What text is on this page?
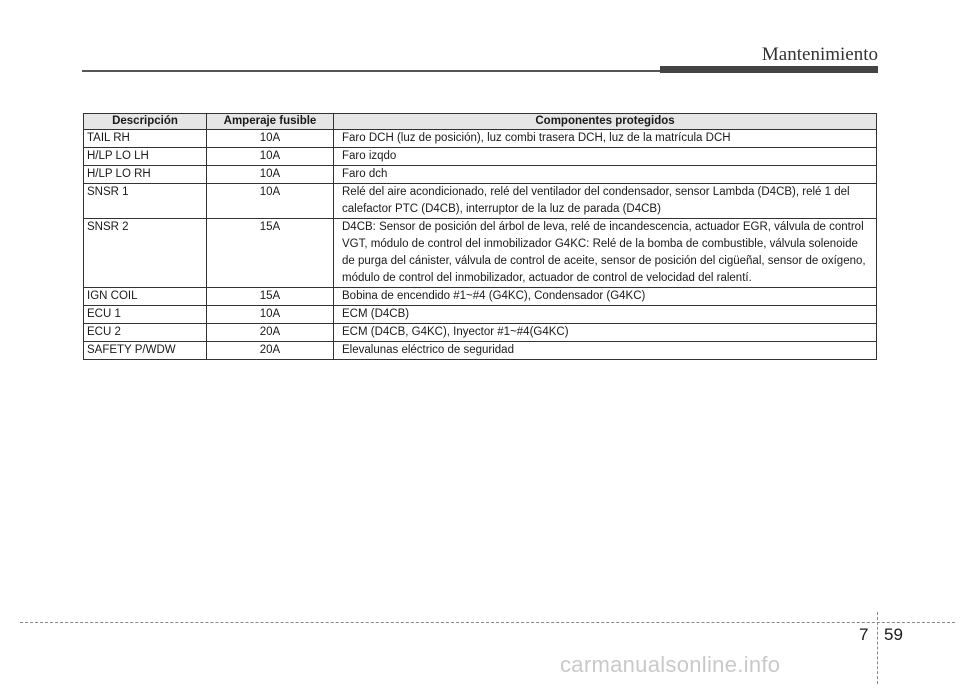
Mantenimiento
Descripción	Amperaje fusible	Componentes protegidos
TAIL RH	10A	Faro DCH (luz de posición), luz combi trasera DCH, luz de la matrícula DCH
H/LP LO LH	10A	Faro izqdo
H/LP LO RH	10A	Faro dch
SNSR 1	10A	Relé del aire acondicionado, relé del ventilador del condensador, sensor Lambda (D4CB), relé 1 del calefactor PTC (D4CB), interruptor de la luz de parada (D4CB)
SNSR 2	15A	D4CB: Sensor de posición del árbol de leva, relé de incandescencia, actuador EGR, válvula de control VGT, módulo de control del inmobilizador G4KC: Relé de la bomba de combustible, válvula solenoide de purga del cánister, válvula de control de aceite, sensor de posición del cigüeñal, sensor de oxígeno, módulo de control del inmobilizador, actuador de control de velocidad del ralentí.
IGN COIL	15A	Bobina de encendido #1~#4 (G4KC), Condensador (G4KC)
ECU 1	10A	ECM (D4CB)
ECU 2	20A	ECM (D4CB, G4KC), Inyector #1~#4(G4KC)
SAFETY P/WDW	20A	Elevalunas eléctrico de seguridad
7 59
carmanualsonline.info
